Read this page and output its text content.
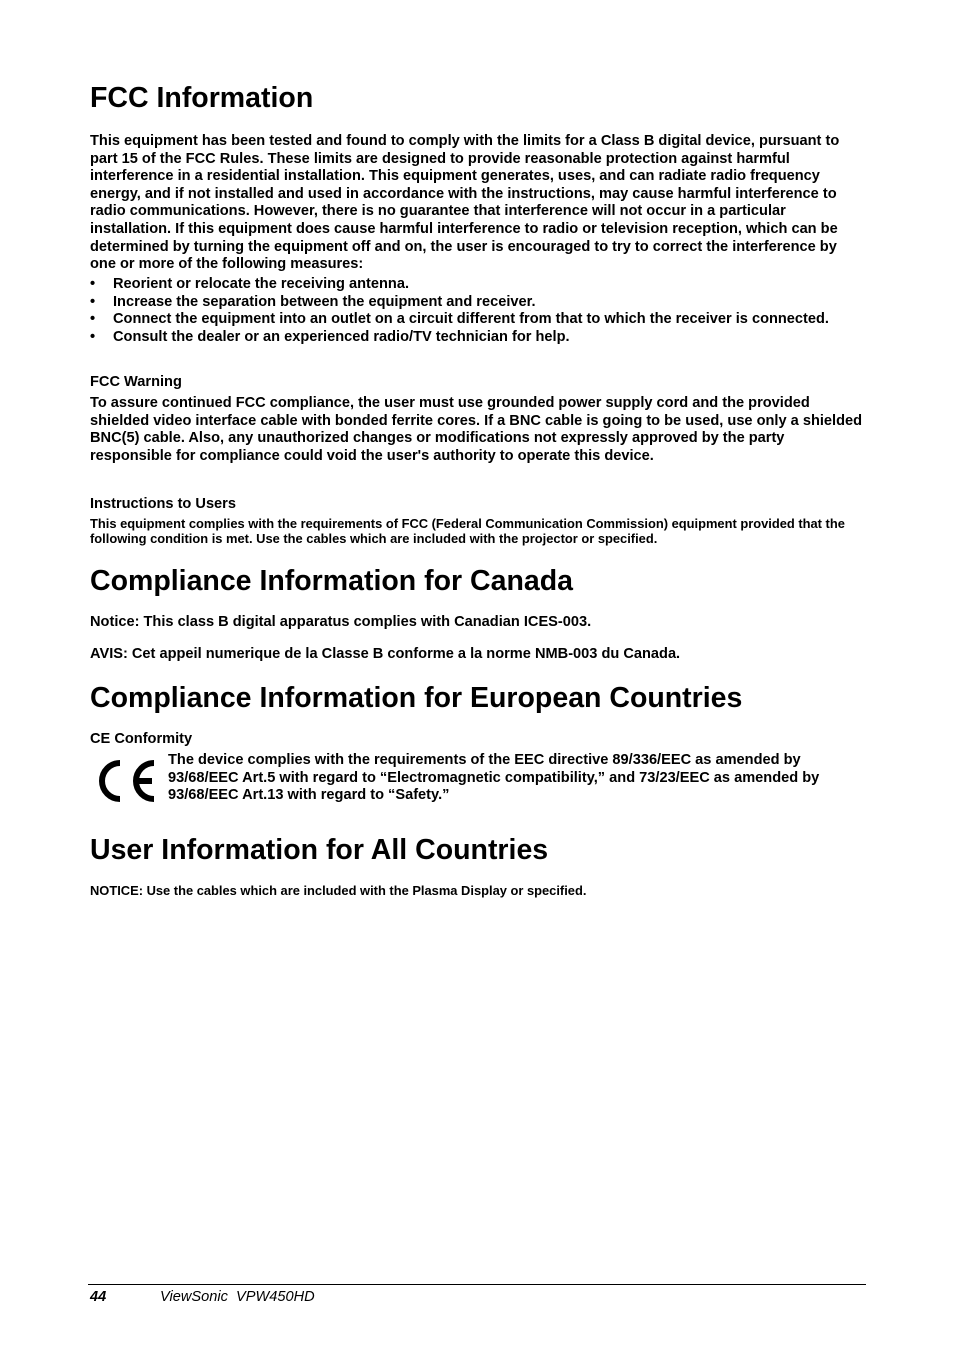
FCC Information

This equipment has been tested and found to comply with the limits for a Class B digital device, pursuant to part 15 of the FCC Rules. These limits are designed to provide reasonable protection against harmful interference in a residential installation. This equipment generates, uses, and can radiate radio frequency energy, and if not installed and used in accordance with the instructions, may cause harmful interference to radio communications. However, there is no guarantee that interference will not occur in a particular installation. If this equipment does cause harmful interference to radio or television reception, which can be determined by turning the equipment off and on, the user is encouraged to try to correct the interference by one or more of the following measures:

• Reorient or relocate the receiving antenna.
• Increase the separation between the equipment and receiver.
• Connect the equipment into an outlet on a circuit different from that to which the receiver is connected.
• Consult the dealer or an experienced radio/TV technician for help.

FCC Warning

To assure continued FCC compliance, the user must use grounded power supply cord and the provided shielded video interface cable with bonded ferrite cores. If a BNC cable is going to be used, use only a shielded BNC(5) cable. Also, any unauthorized changes or modifications not expressly approved by the party responsible for compliance could void the user's authority to operate this device.

Instructions to Users

This equipment complies with the requirements of FCC (Federal Communication Commission) equipment provided that the following condition is met. Use the cables which are included with the projector or specified.

Compliance Information for Canada

Notice: This class B digital apparatus complies with Canadian ICES-003.

AVIS: Cet appeil numerique de la Classe B conforme a la norme NMB-003 du Canada.

Compliance Information for European Countries

CE Conformity

The device complies with the requirements of the EEC directive 89/336/EEC as amended by 93/68/EEC Art.5 with regard to “Electromagnetic compatibility,” and 73/23/EEC as amended by 93/68/EEC Art.13 with regard to “Safety.”

User Information for All Countries

NOTICE: Use the cables which are included with the Plasma Display or specified.

44	ViewSonic  VPW450HD
